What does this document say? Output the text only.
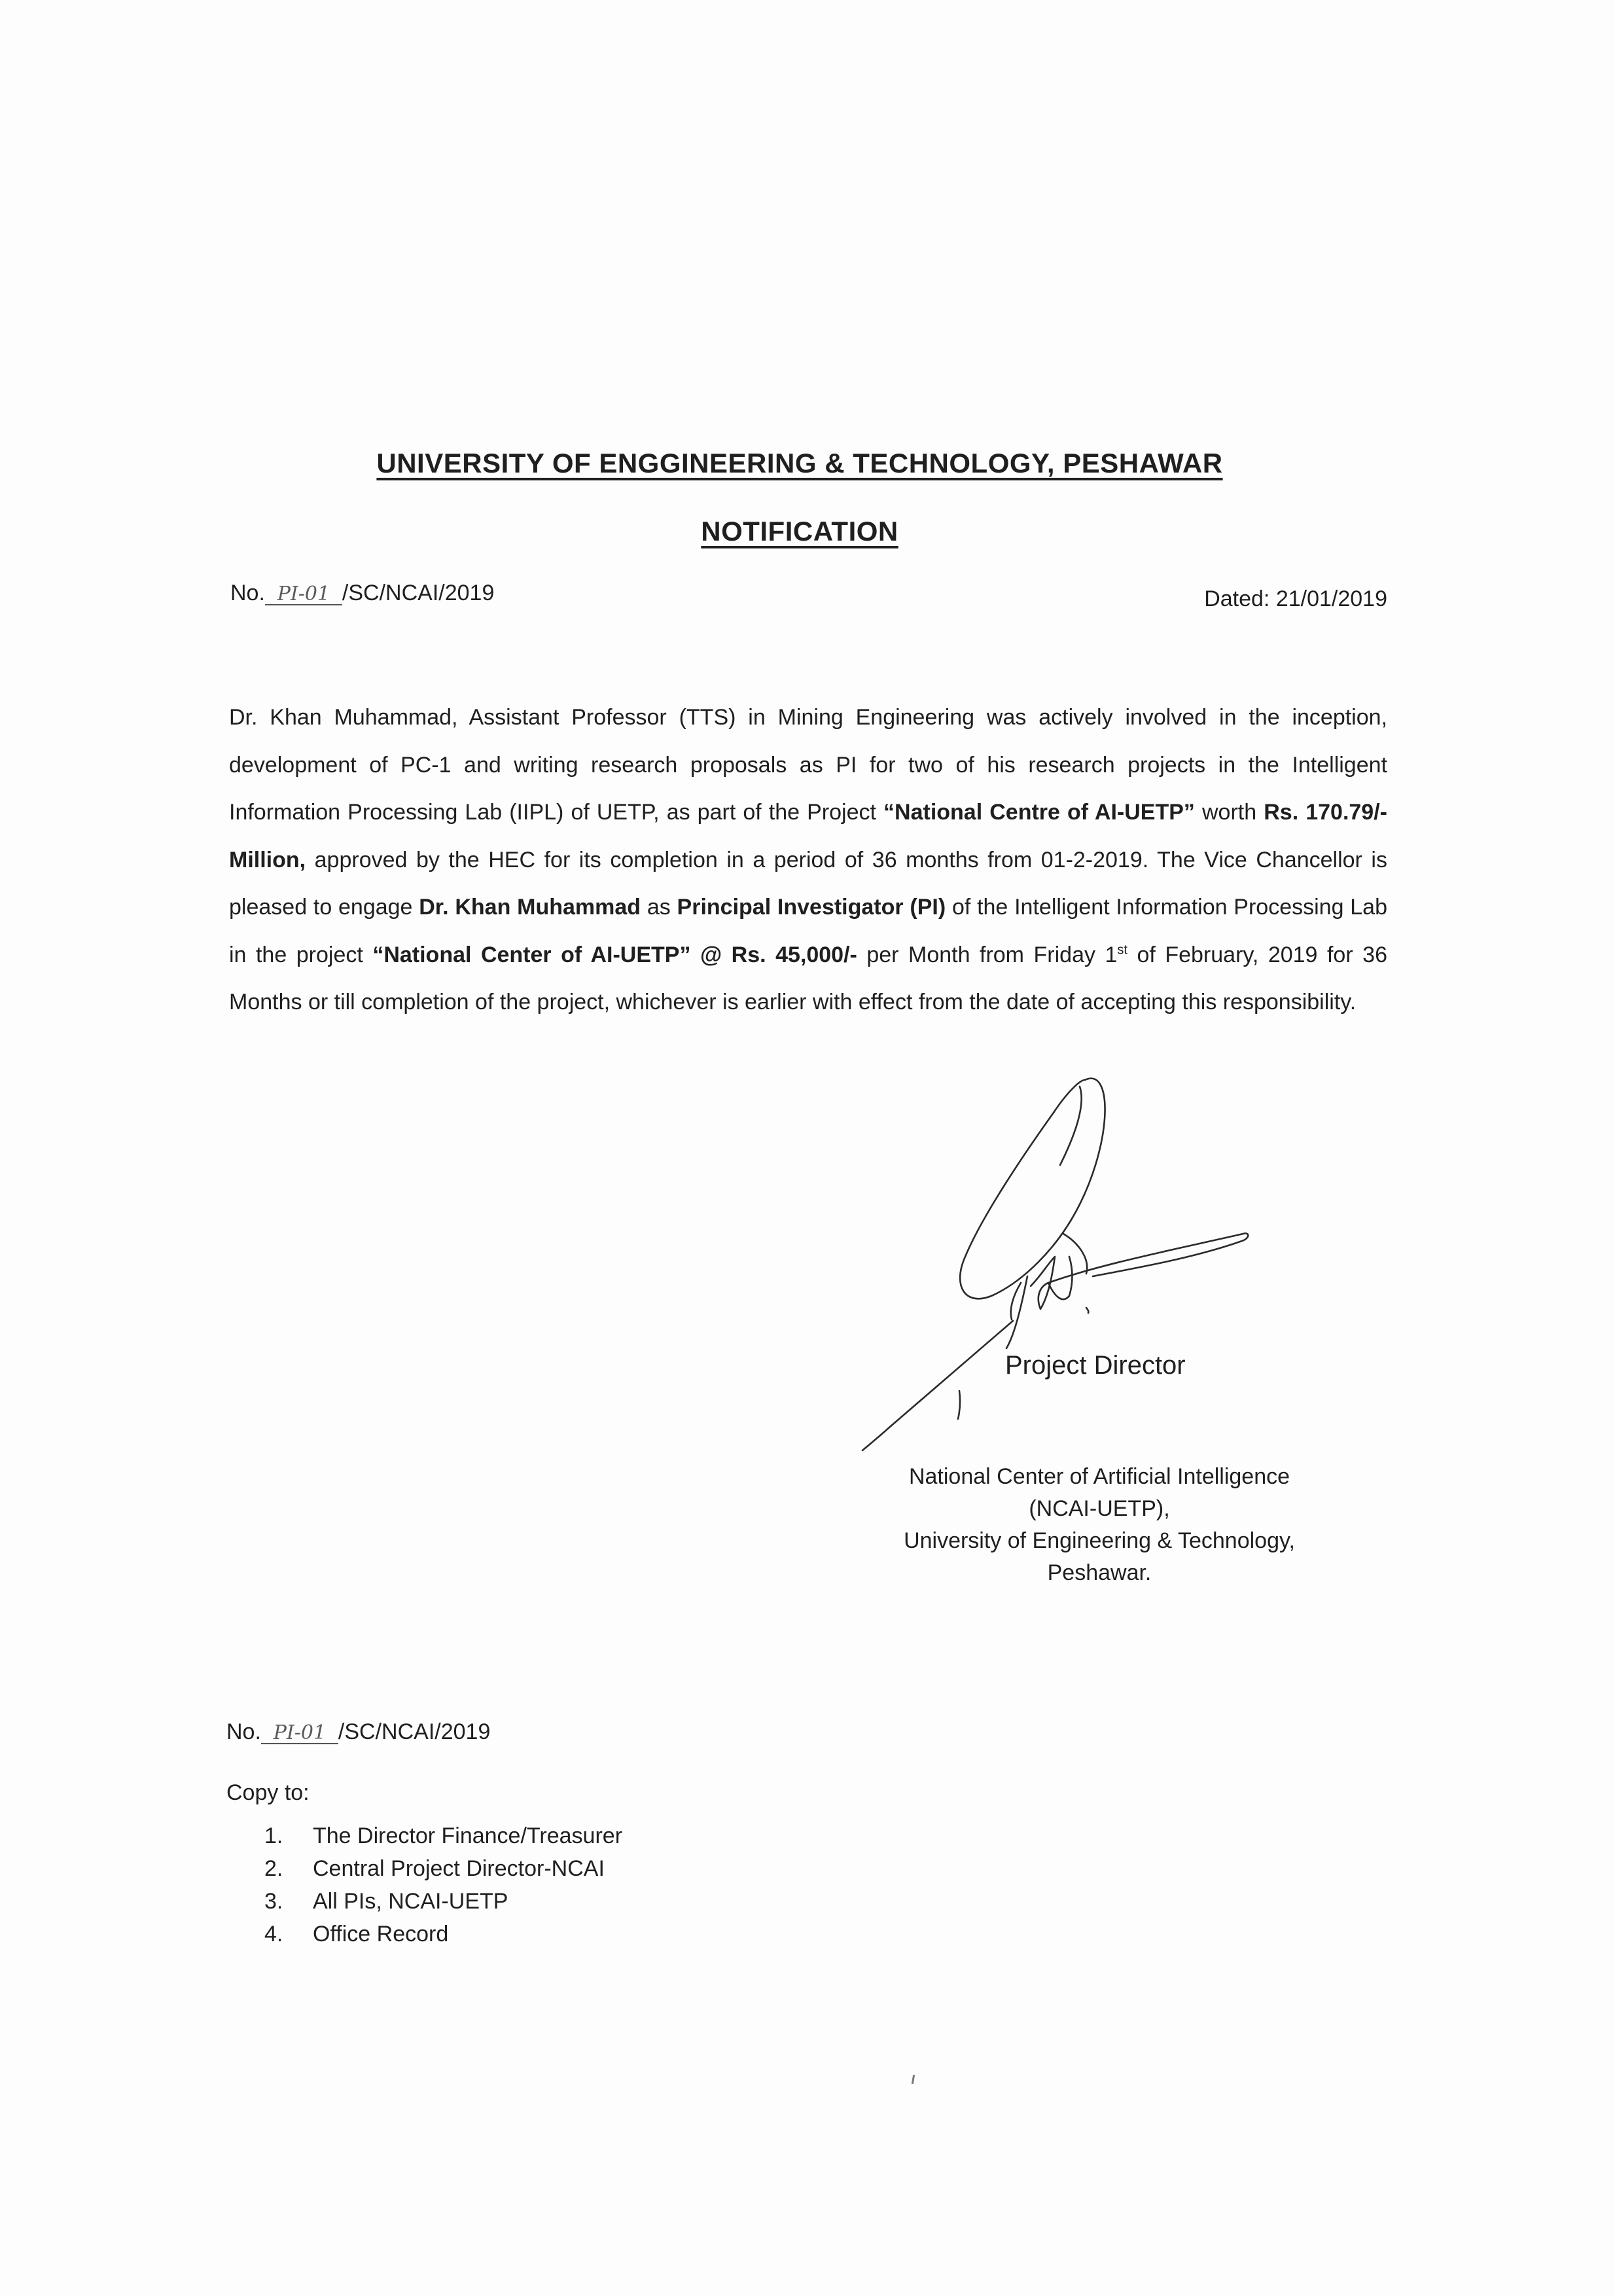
UNIVERSITY OF ENGGINEERING & TECHNOLOGY, PESHAWAR
NOTIFICATION
No. PI-01 /SC/NCAI/2019	Dated: 21/01/2019
Dr. Khan Muhammad, Assistant Professor (TTS) in Mining Engineering was actively involved in the inception, development of PC-1 and writing research proposals as PI for two of his research projects in the Intelligent Information Processing Lab (IIPL) of UETP, as part of the Project “National Centre of AI-UETP” worth Rs. 170.79/- Million, approved by the HEC for its completion in a period of 36 months from 01-2-2019. The Vice Chancellor is pleased to engage Dr. Khan Muhammad as Principal Investigator (PI) of the Intelligent Information Processing Lab in the project “National Center of AI-UETP” @ Rs. 45,000/- per Month from Friday 1st of February, 2019 for 36 Months or till completion of the project, whichever is earlier with effect from the date of accepting this responsibility.
Project Director
National Center of Artificial Intelligence
(NCAI-UETP),
University of Engineering & Technology,
Peshawar.
No. PI-01 /SC/NCAI/2019
Copy to:
1. The Director Finance/Treasurer
2. Central Project Director-NCAI
3. All PIs, NCAI-UETP
4. Office Record
